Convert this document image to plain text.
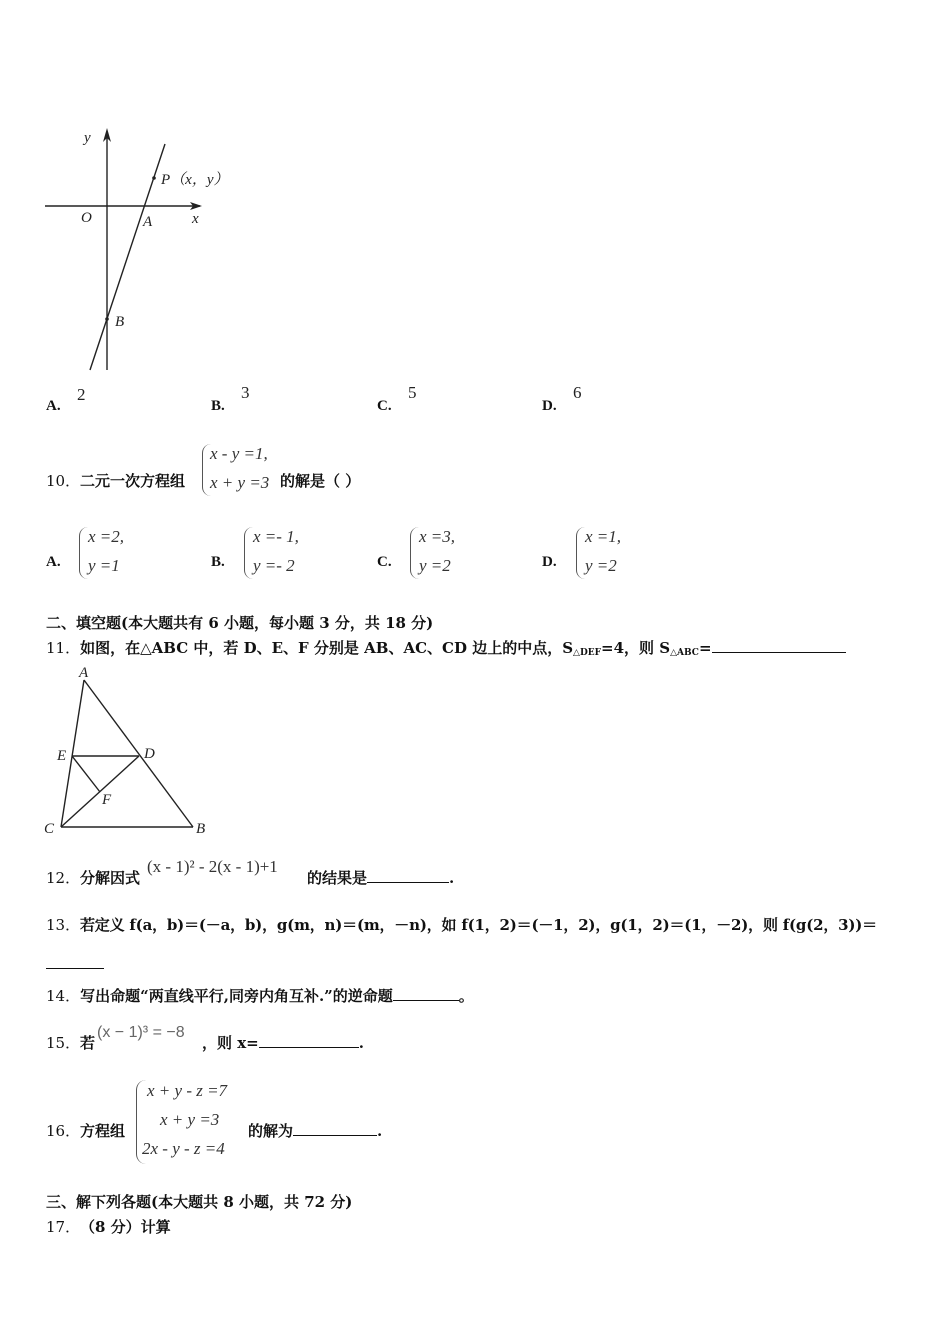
y
x
O	A
B
P（x，y）
A.
2
B.
3
C.
5
D.
6
10． 二元一次方程组
x - y =1,
x + y =3 的解是（ ）
A.
x =2,
y =1	B.
x =- 1,
y =- 2	C.
x =3,
y =2	D.
x =1,
y =2
二、填空题(本大题共有 6 小题，每小题 3 分，共 18 分)
11．如图，在△ABC 中，若 D、E、F 分别是 AB、AC、CD 边上的中点，$S_{\triangle DEF}=4$，则 $S_{\triangle ABC}=$
A
E	D
F
C	B
12． 分解因式
(x - 1)² - 2(x - 1)+1
的结果是	.
13． 若定义 f(a，b)＝(－a，b)，g(m，n)＝(m，－n)，如 f(1，2)＝(－1，2)，g(1，2)＝(1，－2)，则 f(g(2，3))＝
14．写出命题“两直线平行,同旁内角互补.”的逆命题	。
15． 若
(x − 1)³ = −8
，则 x=	.
16． 方程组
x + y - z =7
x + y =3
2x - y - z =4
的解为	.
三、解下列各题(本大题共 8 小题，共 72 分)
17． （8 分）计算
